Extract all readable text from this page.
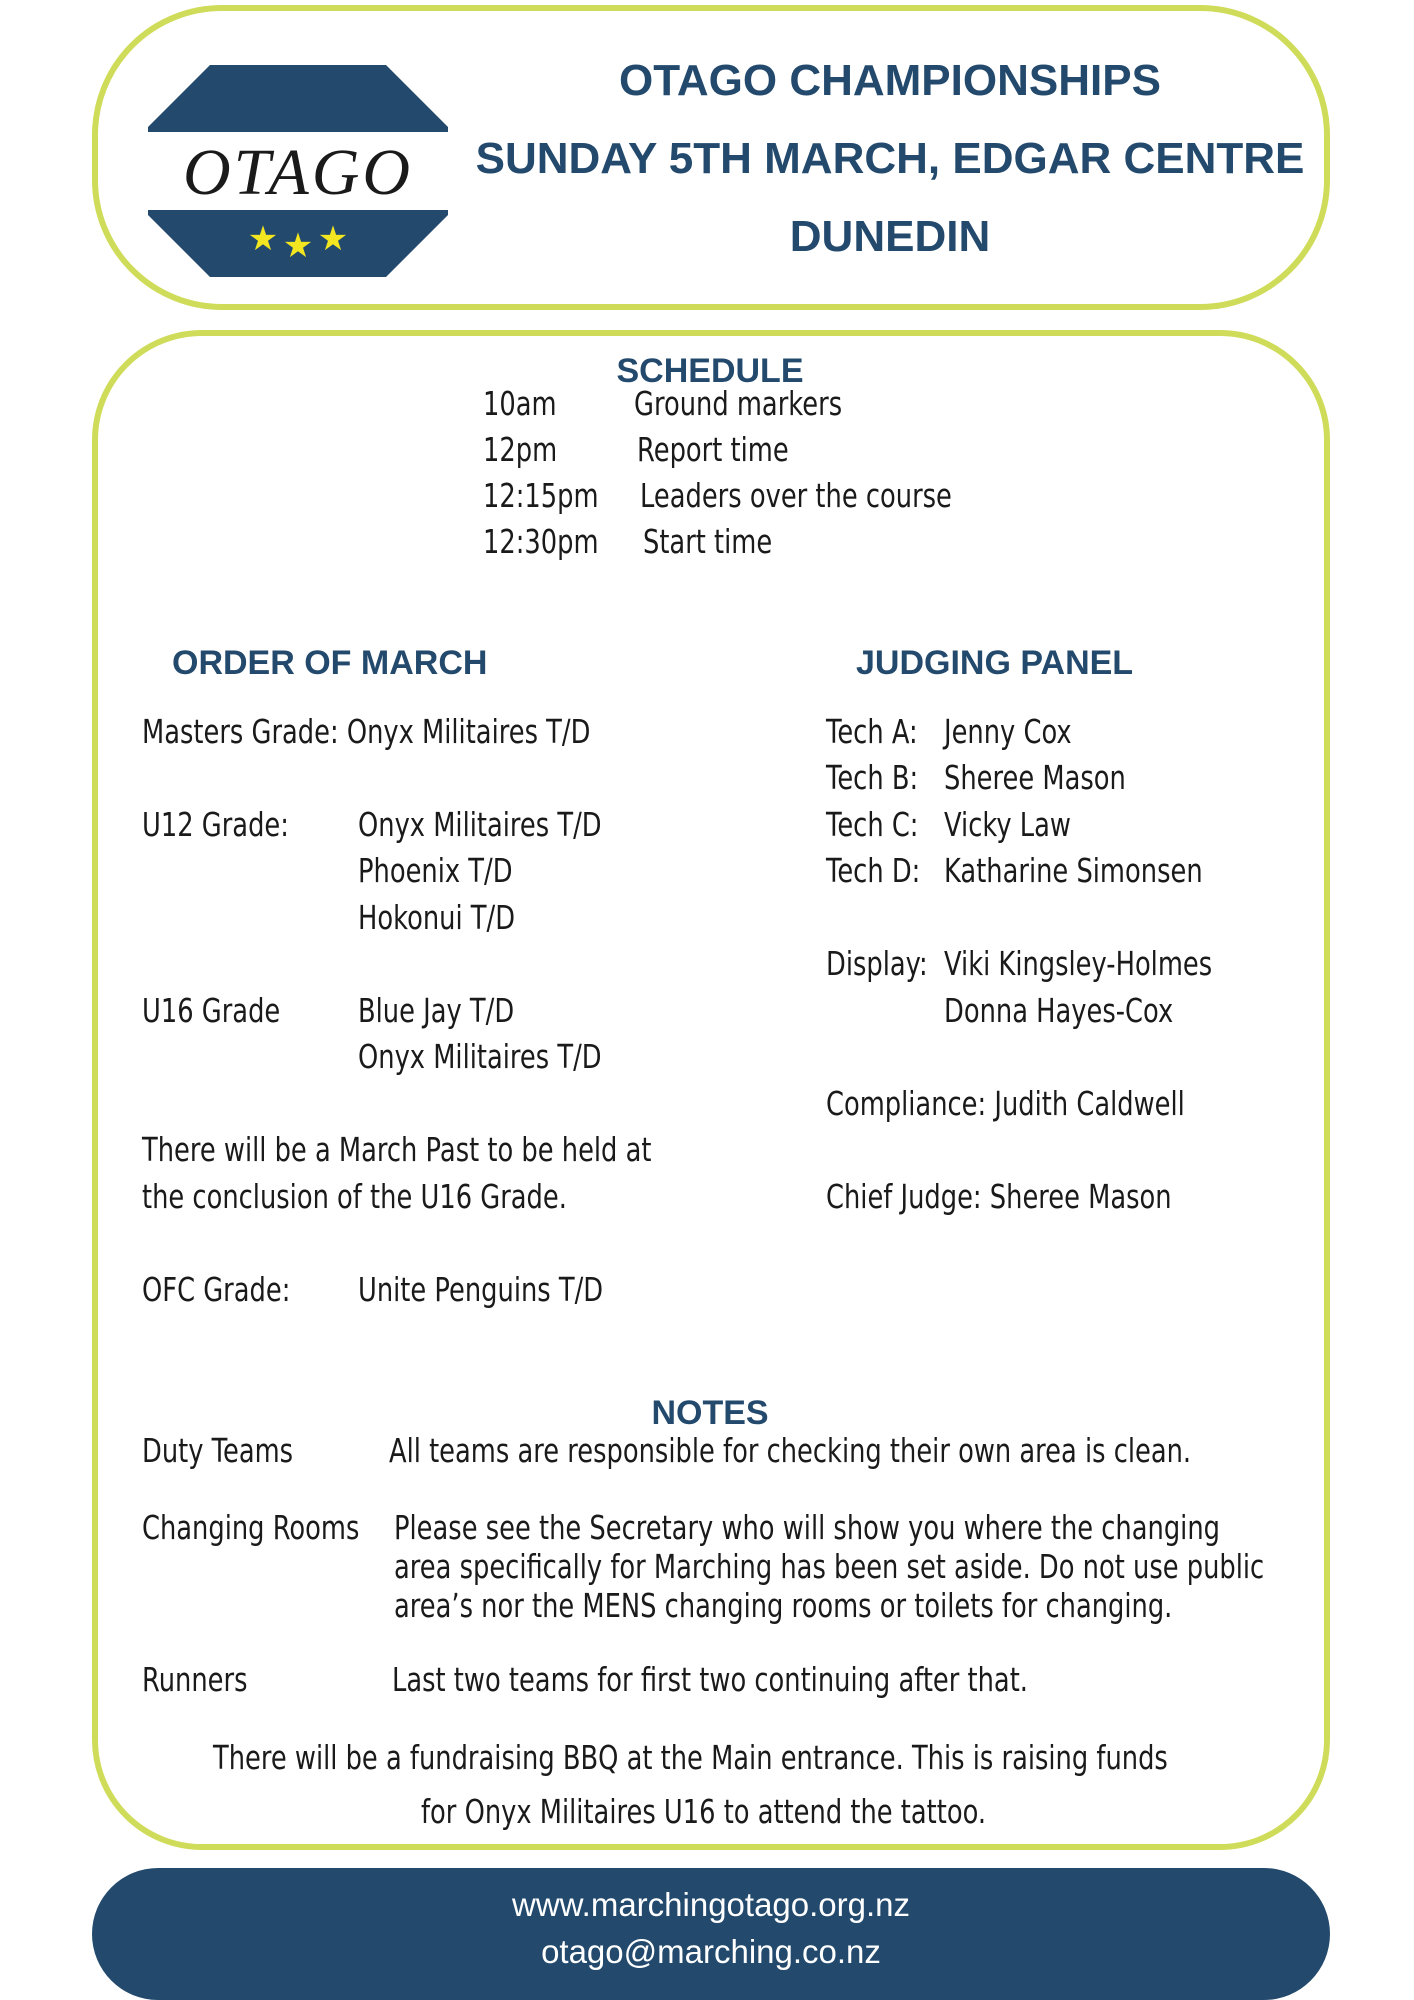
★ ★ ★
MARCHING
OTAGO
OTAGO CHAMPIONSHIPS
SUNDAY 5TH MARCH, EDGAR CENTRE
DUNEDIN
SCHEDULE
10am Ground markers
12pm Report time
12:15pm Leaders over the course
12:30pm Start time
ORDER OF MARCH
Masters Grade: Onyx Militaires T/D
U12 Grade: Onyx Militaires T/D
Phoenix T/D
Hokonui T/D
U16 Grade Blue Jay T/D
Onyx Militaires T/D
There will be a March Past to be held at
the conclusion of the U16 Grade.
OFC Grade: Unite Penguins T/D
JUDGING PANEL
Tech A: Jenny Cox
Tech B: Sheree Mason
Tech C: Vicky Law
Tech D: Katharine Simonsen
Display: Viki Kingsley-Holmes
Donna Hayes-Cox
Compliance: Judith Caldwell
Chief Judge: Sheree Mason
NOTES
Duty Teams	All teams are responsible for checking their own area is clean.
Changing Rooms Please see the Secretary who will show you where the changing area specifically for Marching has been set aside. Do not use public area’s nor the MENS changing rooms or toilets for changing.
Runners	Last two teams for first two continuing after that.
There will be a fundraising BBQ at the Main entrance. This is raising funds
for Onyx Militaires U16 to attend the tattoo.
www.marchingotago.org.nz
otago@marching.co.nz
